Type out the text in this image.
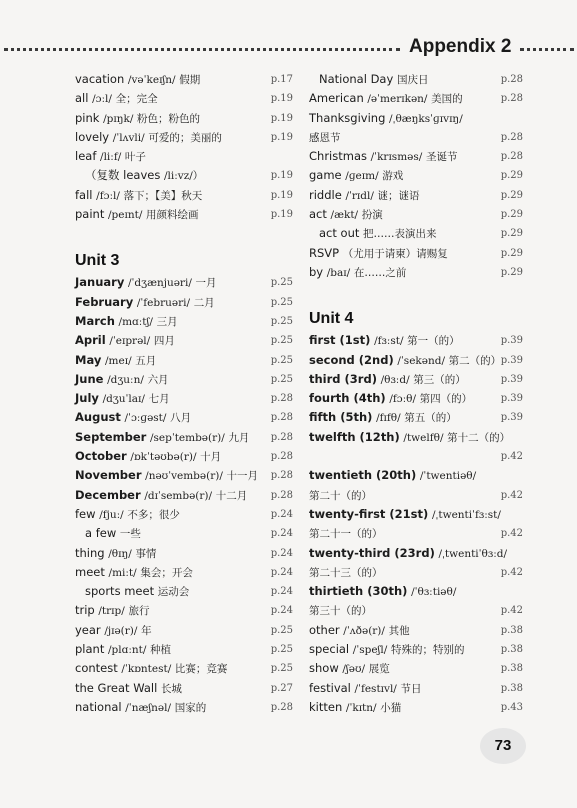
Appendix 2
vacation /vəˈkeɪʃn/ 假期	p.17
all /ɔːl/ 全；完全	p.19
pink /pɪŋk/ 粉色；粉色的	p.19
lovely /ˈlʌvli/ 可爱的；美丽的	p.19
leaf /liːf/ 叶子
（复数 leaves /liːvz/）	p.19
fall /fɔːl/ 落下；【美】秋天	p.19
paint /peɪnt/ 用颜料绘画	p.19
Unit 3
January /ˈdʒænjuəri/ 一月	p.25
February /ˈfebruəri/ 二月	p.25
March /mɑːtʃ/ 三月	p.25
April /ˈeɪprəl/ 四月	p.25
May /meɪ/ 五月	p.25
June /dʒuːn/ 六月	p.25
July /dʒuˈlaɪ/ 七月	p.28
August /ˈɔːɡəst/ 八月	p.28
September /sepˈtembə(r)/ 九月 p.28
October /ɒkˈtəʊbə(r)/ 十月	p.28
November /nəʊˈvembə(r)/ 十一月 p.28
December /dɪˈsembə(r)/ 十二月 p.28
few /fjuː/ 不多；很少	p.24
a few 一些	p.24
thing /θɪŋ/ 事情	p.24
meet /miːt/ 集会；开会	p.24
sports meet 运动会	p.24
trip /trɪp/ 旅行	p.24
year /jɪə(r)/ 年	p.25
plant /plɑːnt/ 种植	p.25
contest /ˈkɒntest/ 比赛；竞赛	p.25
the Great Wall 长城	p.27
national /ˈnæʃnəl/ 国家的	p.28
National Day 国庆日	p.28
American /əˈmerɪkən/ 美国的	p.28
Thanksgiving /ˌθæŋksˈɡɪvɪŋ/
感恩节	p.28
Christmas /ˈkrɪsməs/ 圣诞节	p.28
game /ɡeɪm/ 游戏	p.29
riddle /ˈrɪdl/ 谜；谜语	p.29
act /ækt/ 扮演	p.29
act out 把……表演出来	p.29
RSVP （尤用于请柬）请赐复	p.29
by /baɪ/ 在……之前	p.29
Unit 4
first (1st) /fɜːst/ 第一（的）	p.39
second (2nd) /ˈsekənd/ 第二（的） p.39
third (3rd) /θɜːd/ 第三（的）	p.39
fourth (4th) /fɔːθ/ 第四（的）	p.39
fifth (5th) /fɪfθ/ 第五（的）	p.39
twelfth (12th) /twelfθ/ 第十二（的）
p.42
twentieth (20th) /ˈtwentiəθ/
第二十（的）	p.42
twenty-first (21st) /ˌtwentiˈfɜːst/
第二十一（的）	p.42
twenty-third (23rd) /ˌtwentiˈθɜːd/
第二十三（的）	p.42
thirtieth (30th) /ˈθɜːtiəθ/
第三十（的）	p.42
other /ˈʌðə(r)/ 其他	p.38
special /ˈspeʃl/ 特殊的；特别的	p.38
show /ʃəʊ/ 展览	p.38
festival /ˈfestɪvl/ 节日	p.38
kitten /ˈkɪtn/ 小猫	p.43
73
